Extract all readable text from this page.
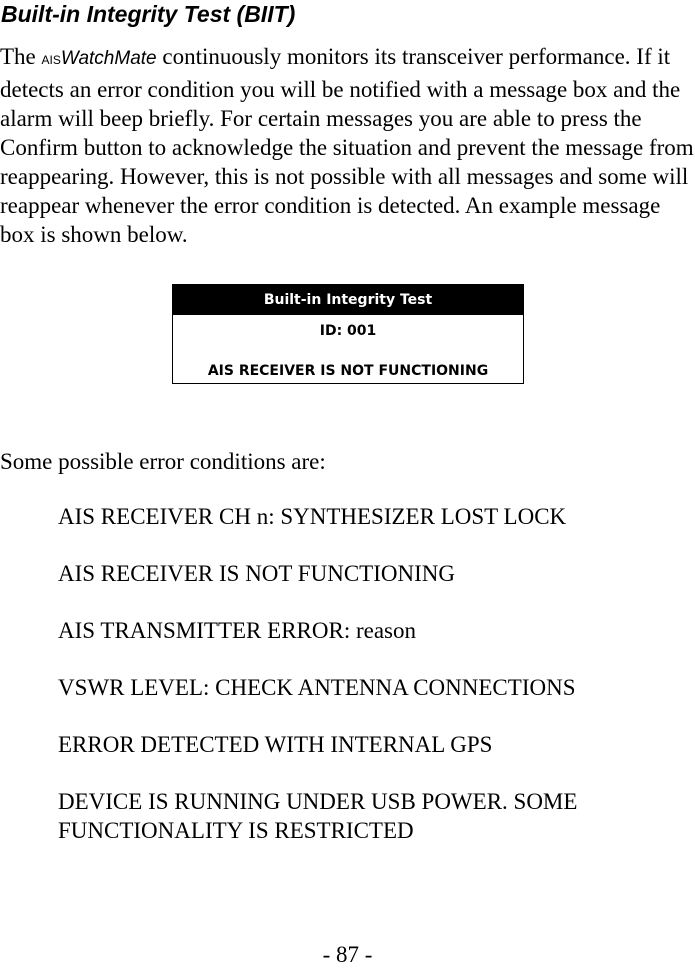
Built-in Integrity Test (BIIT)

The AISWatchMate continuously monitors its transceiver performance. If it detects an error condition you will be notified with a message box and the alarm will beep briefly. For certain messages you are able to press the Confirm button to acknowledge the situation and prevent the message from reappearing. However, this is not possible with all messages and some will reappear whenever the error condition is detected. An example message box is shown below.

Built-in Integrity Test
ID: 001
AIS RECEIVER IS NOT FUNCTIONING

Some possible error conditions are:

AIS RECEIVER CH n: SYNTHESIZER LOST LOCK
AIS RECEIVER IS NOT FUNCTIONING
AIS TRANSMITTER ERROR: reason
VSWR LEVEL: CHECK ANTENNA CONNECTIONS
ERROR DETECTED WITH INTERNAL GPS
DEVICE IS RUNNING UNDER USB POWER. SOME FUNCTIONALITY IS RESTRICTED
- 87 -
